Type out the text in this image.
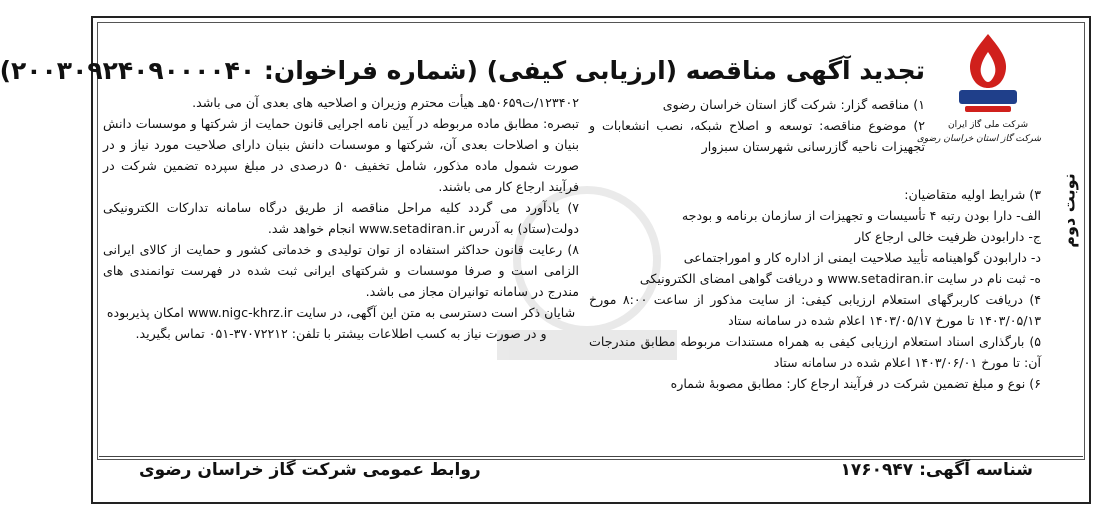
شرکت ملی گاز ایران
شرکت گاز استان خراسان رضوی
نوبت دوم
تجدید آگهی مناقصه (ارزیابی کیفی) (شماره فراخوان: ۲۰۰۳۰۹۲۴۰۹۰۰۰۰۴۰)

۱) مناقصه گزار: شرکت گاز استان خراسان رضوی

۲) موضوع مناقصه: توسعه و اصلاح شبکه، نصب انشعابات و تجهیزات ناحیه گازرسانی شهرستان سبزوار

۳) شرایط اولیه متقاضیان:

الف- دارا بودن رتبه ۴ تأسیسات و تجهیزات از سازمان برنامه و بودجه

ج- دارابودن ظرفیت خالی ارجاع کار

د- دارابودن گواهینامه تأیید صلاحیت ایمنی از اداره کار و اموراجتماعی

ه- ثبت نام در سایت www.setadiran.ir و دریافت گواهی امضای الکترونیکی

۴) دریافت کاربرگهای استعلام ارزیابی کیفی: از سایت مذکور از ساعت ۸:۰۰ مورخ ۱۴۰۳/۰۵/۱۳ تا مورخ ۱۴۰۳/۰۵/۱۷ اعلام شده در سامانه ستاد

۵) بارگذاری اسناد استعلام ارزیابی کیفی به همراه مستندات مربوطه مطابق مندرجات آن: تا مورخ ۱۴۰۳/۰۶/۰۱ اعلام شده در سامانه ستاد

۶) نوع و مبلغ تضمین شرکت در فرآیند ارجاع کار: مطابق مصوبهٔ شماره

۱۲۳۴۰۲/ت۵۰۶۵۹هـ هیأت محترم وزیران و اصلاحیه های بعدی آن می باشد.

تبصره: مطابق ماده مربوطه در آیین نامه اجرایی قانون حمایت از شرکتها و موسسات دانش بنیان و اصلاحات بعدی آن، شرکتها و موسسات دانش بنیان دارای صلاحیت مورد نیاز و در صورت شمول ماده مذکور، شامل تخفیف ۵۰ درصدی در مبلغ سپرده تضمین شرکت در فرآیند ارجاع کار می باشند.

۷) یادآورد می گردد کلیه مراحل مناقصه از طریق درگاه سامانه تدارکات الکترونیکی دولت(ستاد) به آدرس www.setadiran.ir انجام خواهد شد.

۸) رعایت قانون حداکثر استفاده از توان تولیدی و خدماتی کشور و حمایت از کالای ایرانی الزامی است و صرفا موسسات و شرکتهای ایرانی ثبت شده در فهرست توانمندی های مندرج در سامانه توانیران مجاز می باشد.

شایان ذکر است دسترسی به متن این آگهی، در سایت www.nigc-khrz.ir امکان پذیربوده و در صورت نیاز به کسب اطلاعات بیشتر با تلفن: ۳۷۰۷۲۲۱۲-۰۵۱ تماس بگیرید.

شناسه آگهی: ۱۷۶۰۹۴۷
روابط عمومی شرکت گاز خراسان رضوی
